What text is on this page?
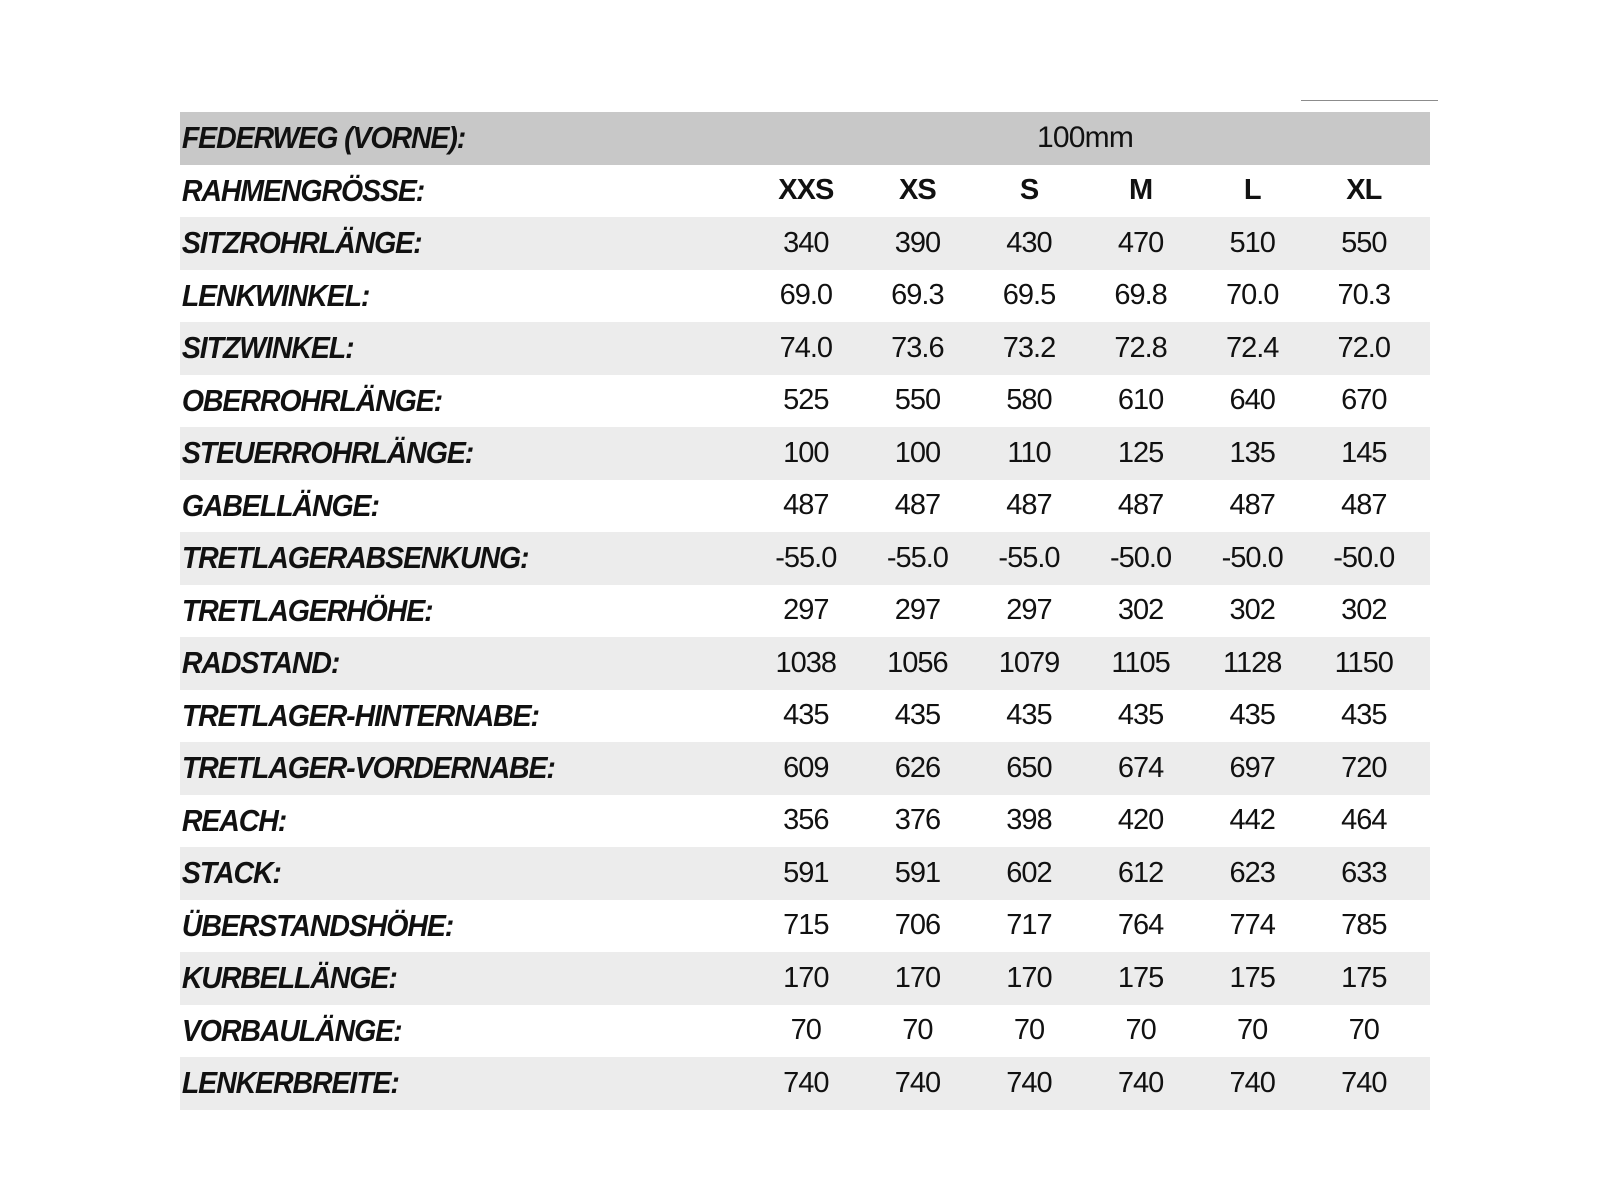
FEDERWEG (VORNE):	100mm
RAHMENGRÖSSE:	XXS	XS	S	M	L	XL
SITZROHRLÄNGE:	340	390	430	470	510	550
LENKWINKEL:	69.0	69.3	69.5	69.8	70.0	70.3
SITZWINKEL:	74.0	73.6	73.2	72.8	72.4	72.0
OBERROHRLÄNGE:	525	550	580	610	640	670
STEUERROHRLÄNGE:	100	100	110	125	135	145
GABELLÄNGE:	487	487	487	487	487	487
TRETLAGERABSENKUNG:	-55.0	-55.0	-55.0	-50.0	-50.0	-50.0
TRETLAGERHÖHE:	297	297	297	302	302	302
RADSTAND:	1038	1056	1079	1105	1128	1150
TRETLAGER-HINTERNABE:	435	435	435	435	435	435
TRETLAGER-VORDERNABE:	609	626	650	674	697	720
REACH:	356	376	398	420	442	464
STACK:	591	591	602	612	623	633
ÜBERSTANDSHÖHE:	715	706	717	764	774	785
KURBELLÄNGE:	170	170	170	175	175	175
VORBAULÄNGE:	70	70	70	70	70	70
LENKERBREITE:	740	740	740	740	740	740
